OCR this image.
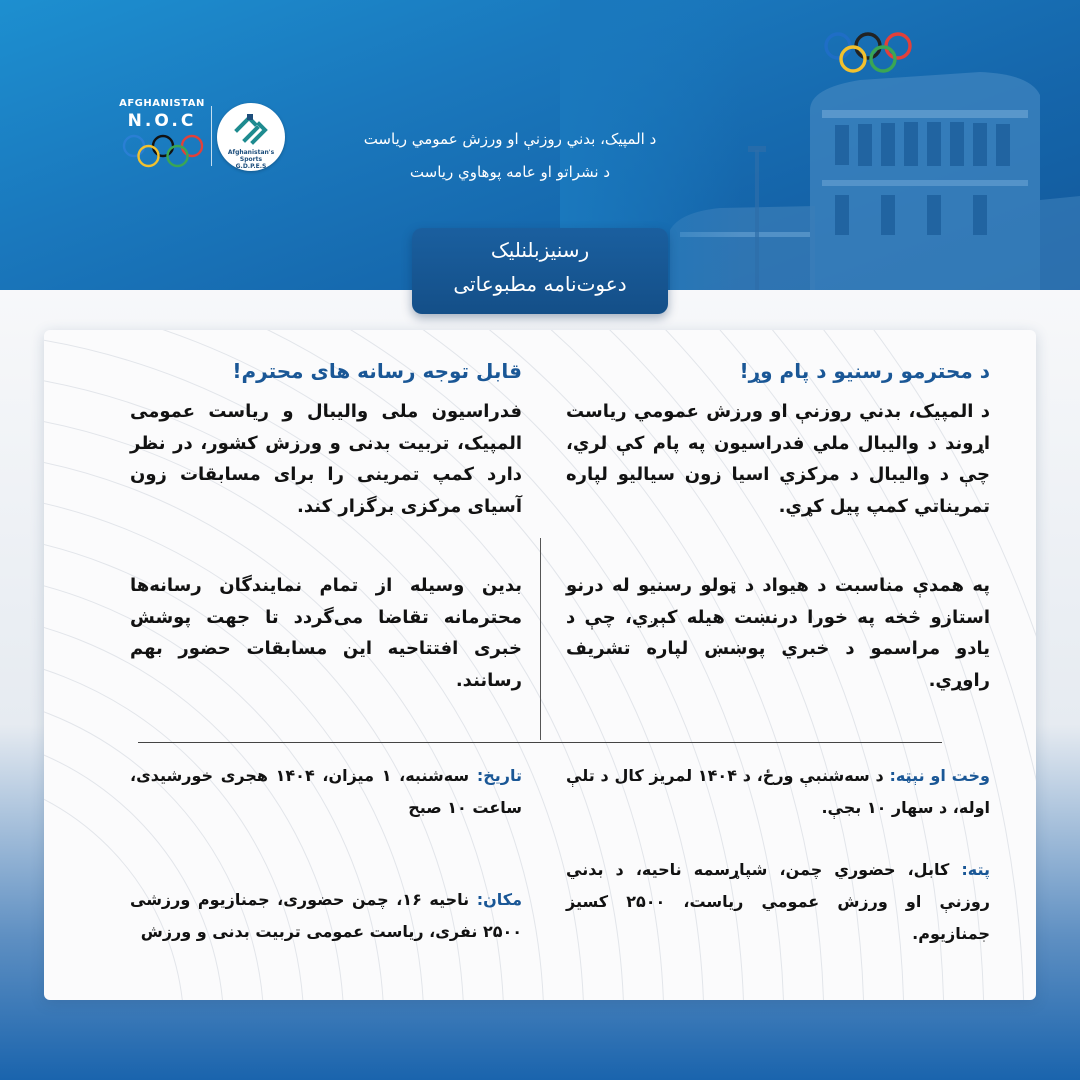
AFGHANISTAN
N.O.C
Afghanistan's Sports
G.D.P.E.S
د المپيک، بدني روزنې او ورزش عمومي رياست
د نشراتو او عامه پوهاوي رياست
رسنيزبلنليک
دعوت‌نامه مطبوعاتی
د محترمو رسنيو د پام وړ!
د المپيک، بدني روزنې او ورزش عمومي رياست اړوند د واليبال ملي فدراسيون په پام کې لري، چې د واليبال د مرکزي اسيا زون سياليو لپاره تمريناتي کمپ پيل کړي.
په همدې مناسبت د هيواد د ټولو رسنيو له درنو استازو څخه په خورا درنښت هيله کېږي، چې د يادو مراسمو د خبري پوښښ لپاره تشريف راوړي.
قابل توجه رسانه های محترم!
فدراسیون ملی والیبال و ریاست عمومی المپیک، تربیت بدنی و ورزش کشور، در نظر دارد کمپ تمرینی را برای مسابقات زون آسیای مرکزی برگزار کند.
بدین وسیله از تمام نمایندگان رسانه‌ها محترمانه تقاضا می‌گردد تا جهت پوشش خبری افتتاحیه این مسابقات حضور بهم رسانند.
وخت او نېټه: د سه‌شنبې ورځ، د ۱۴۰۴ لمريز کال د تلې اوله، د سهار ۱۰ بجې.
پته: کابل، حضوري چمن، شپاړسمه ناحيه، د بدني روزنې او ورزش عمومي رياست، ۲۵۰۰ کسيز جمنازيوم.
تاریخ: سه‌شنبه، ۱ میزان، ۱۴۰۴ هجری خورشیدی، ساعت ۱۰ صبح
مکان: ناحیه ۱۶، چمن حضوری، جمنازیوم ورزشی ۲۵۰۰ نفری، ریاست عمومی تربیت بدنی و ورزش
